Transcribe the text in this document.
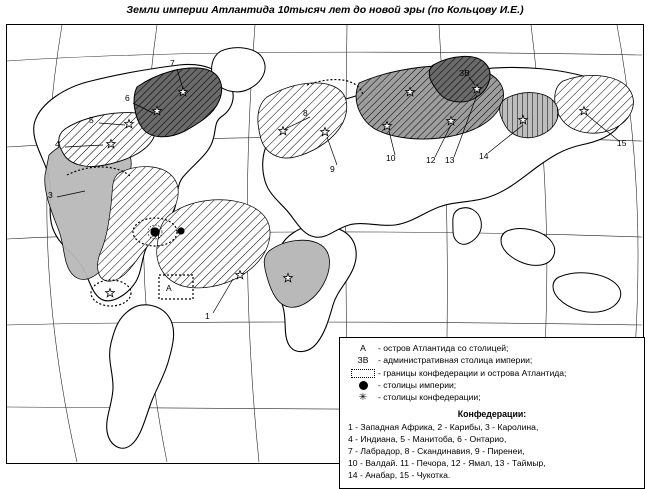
Земли империи Атлантида 10тысяч лет до новой эры (по Кольцову И.Е.)
3
4
5
6
7
8
9
10	12 13	14
15
ЗВ
A
1
A	- остров Атлантида со столицей;
ЗВ	- административная столица империи;
- границы конфедерации и острова Атлантида;
- столицы империи;
✳	- столицы конфедерации;
Конфедерации:
1 - Западная Африка, 2 - Карибы, 3 - Каролина,
4 - Индиана, 5 - Манитоба, 6 - Онтарио,
7 - Лабрадор, 8 - Скандинавия, 9 - Пиренеи,
10 - Валдай. 11 - Печора, 12 - Ямал, 13 - Таймыр,
14 - Анабар, 15 - Чукотка.
